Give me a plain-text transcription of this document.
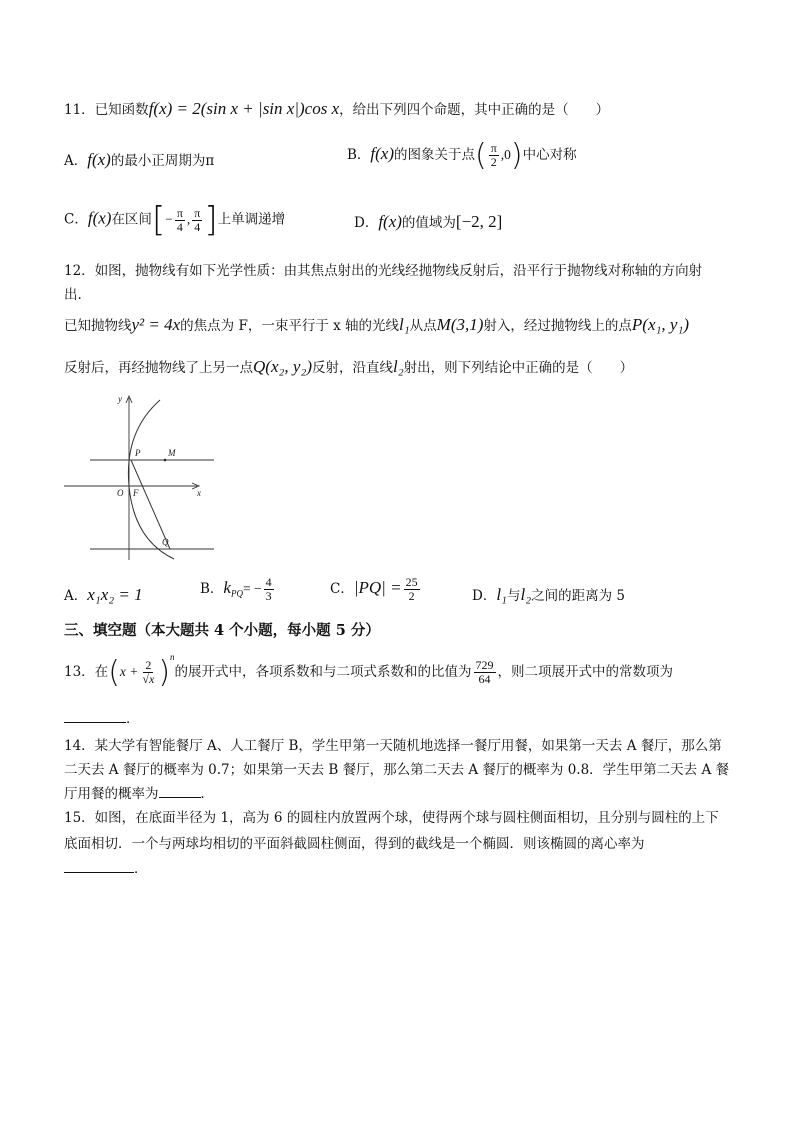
11．已知函数f(x) = 2(sin x + |sin x|)cos x，给出下列四个命题，其中正确的是（　　）
A．f(x)的最小正周期为π	B．f(x)的图象关于点( $\frac{\pi}{2} ,0$)中心对称
C．f(x)在区间[− $\frac{\pi}{4}$ , $\frac{\pi}{4}$ ]上单调递增	D．f(x)的值域为[−2, 2]
12．如图，抛物线有如下光学性质：由其焦点射出的光线经抛物线反射后，沿平行于抛物线对称轴的方向射
出.
已知抛物线y² = 4x的焦点为 F，一束平行于 x 轴的光线l₁从点M(3,1)射入，经过抛物线上的点P(x₁, y₁)
反射后，再经抛物线了上另一点Q(x₂, y₂)反射，沿直线l₂射出，则下列结论中正确的是（　　）
y
x
O
P	M
F
Q
A．x₁x₂ = 1	B．$k_{PQ}= - \frac{4}{3}$	C．$|PQ| = \frac{25}{2}$	D．l₁与l₂之间的距离为 5
三、填空题（本大题共 4 个小题，每小题 5 分）
13．在$(x + \frac{2}{√x} )^n$的展开式中，各项系数和与二项式系数和的比值为 $\frac{729}{64}$ ，则二项展开式中的常数项为
．
14．某大学有智能餐厅 A、人工餐厅 B，学生甲第一天随机地选择一餐厅用餐，如果第一天去 A 餐厅，那么第
二天去 A 餐厅的概率为 0.7；如果第一天去 B 餐厅，那么第二天去 A 餐厅的概率为 0.8．学生甲第二天去 A 餐
厅用餐的概率为	．
15．如图，在底面半径为 1，高为 6 的圆柱内放置两个球，使得两个球与圆柱侧面相切，且分别与圆柱的上下
底面相切．一个与两球均相切的平面斜截圆柱侧面，得到的截线是一个椭圆．则该椭圆的离心率为
．
